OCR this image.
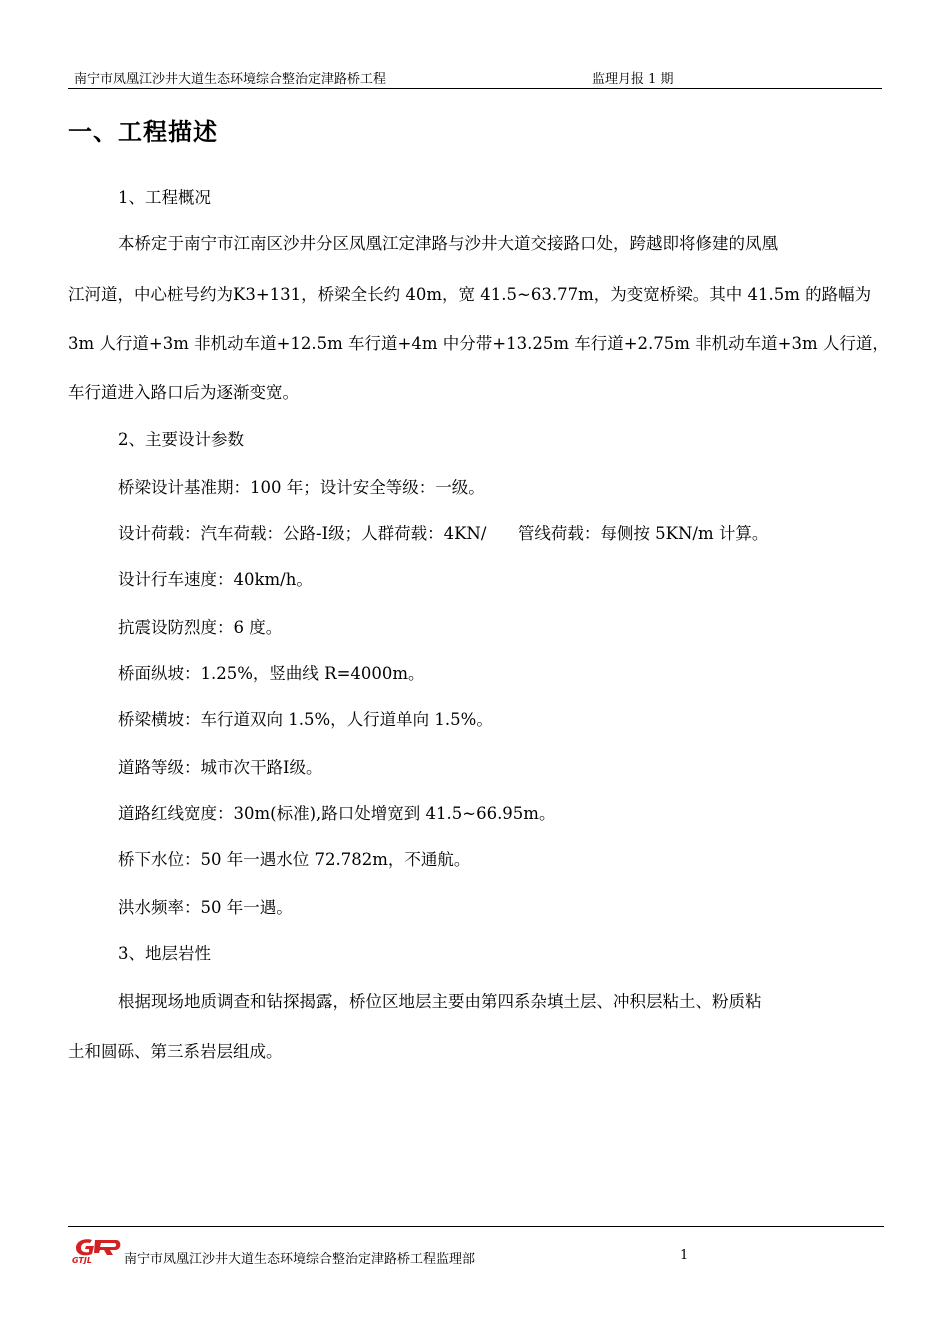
南宁市凤凰江沙井大道生态环境综合整治定津路桥工程	监理月报 1 期
一、工程描述
1、工程概况
本桥定于南宁市江南区沙井分区凤凰江定津路与沙井大道交接路口处，跨越即将修建的凤凰
江河道，中心桩号约为K3+131，桥梁全长约 40m，宽 41.5~63.77m，为变宽桥梁。其中 41.5m 的路幅为
3m 人行道+3m 非机动车道+12.5m 车行道+4m 中分带+13.25m 车行道+2.75m 非机动车道+3m 人行道，
车行道进入路口后为逐渐变宽。
2、主要设计参数
桥梁设计基准期：100 年；设计安全等级：一级。
设计荷载：汽车荷载：公路-Ⅰ级；人群荷载：4KN/      管线荷载：每侧按 5KN/m 计算。
设计行车速度：40km/h。
抗震设防烈度：6 度。
桥面纵坡：1.25%，竖曲线 R=4000m。
桥梁横坡：车行道双向 1.5%，人行道单向 1.5%。
道路等级：城市次干路Ⅰ级。
道路红线宽度：30m(标准),路口处增宽到 41.5~66.95m。
桥下水位：50 年一遇水位 72.782m，不通航。
洪水频率：50 年一遇。
3、地层岩性
根据现场地质调查和钻探揭露，桥位区地层主要由第四系杂填土层、冲积层粘土、粉质粘
土和圆砾、第三系岩层组成。
GTJL 南宁市凤凰江沙井大道生态环境综合整治定津路桥工程监理部	1
